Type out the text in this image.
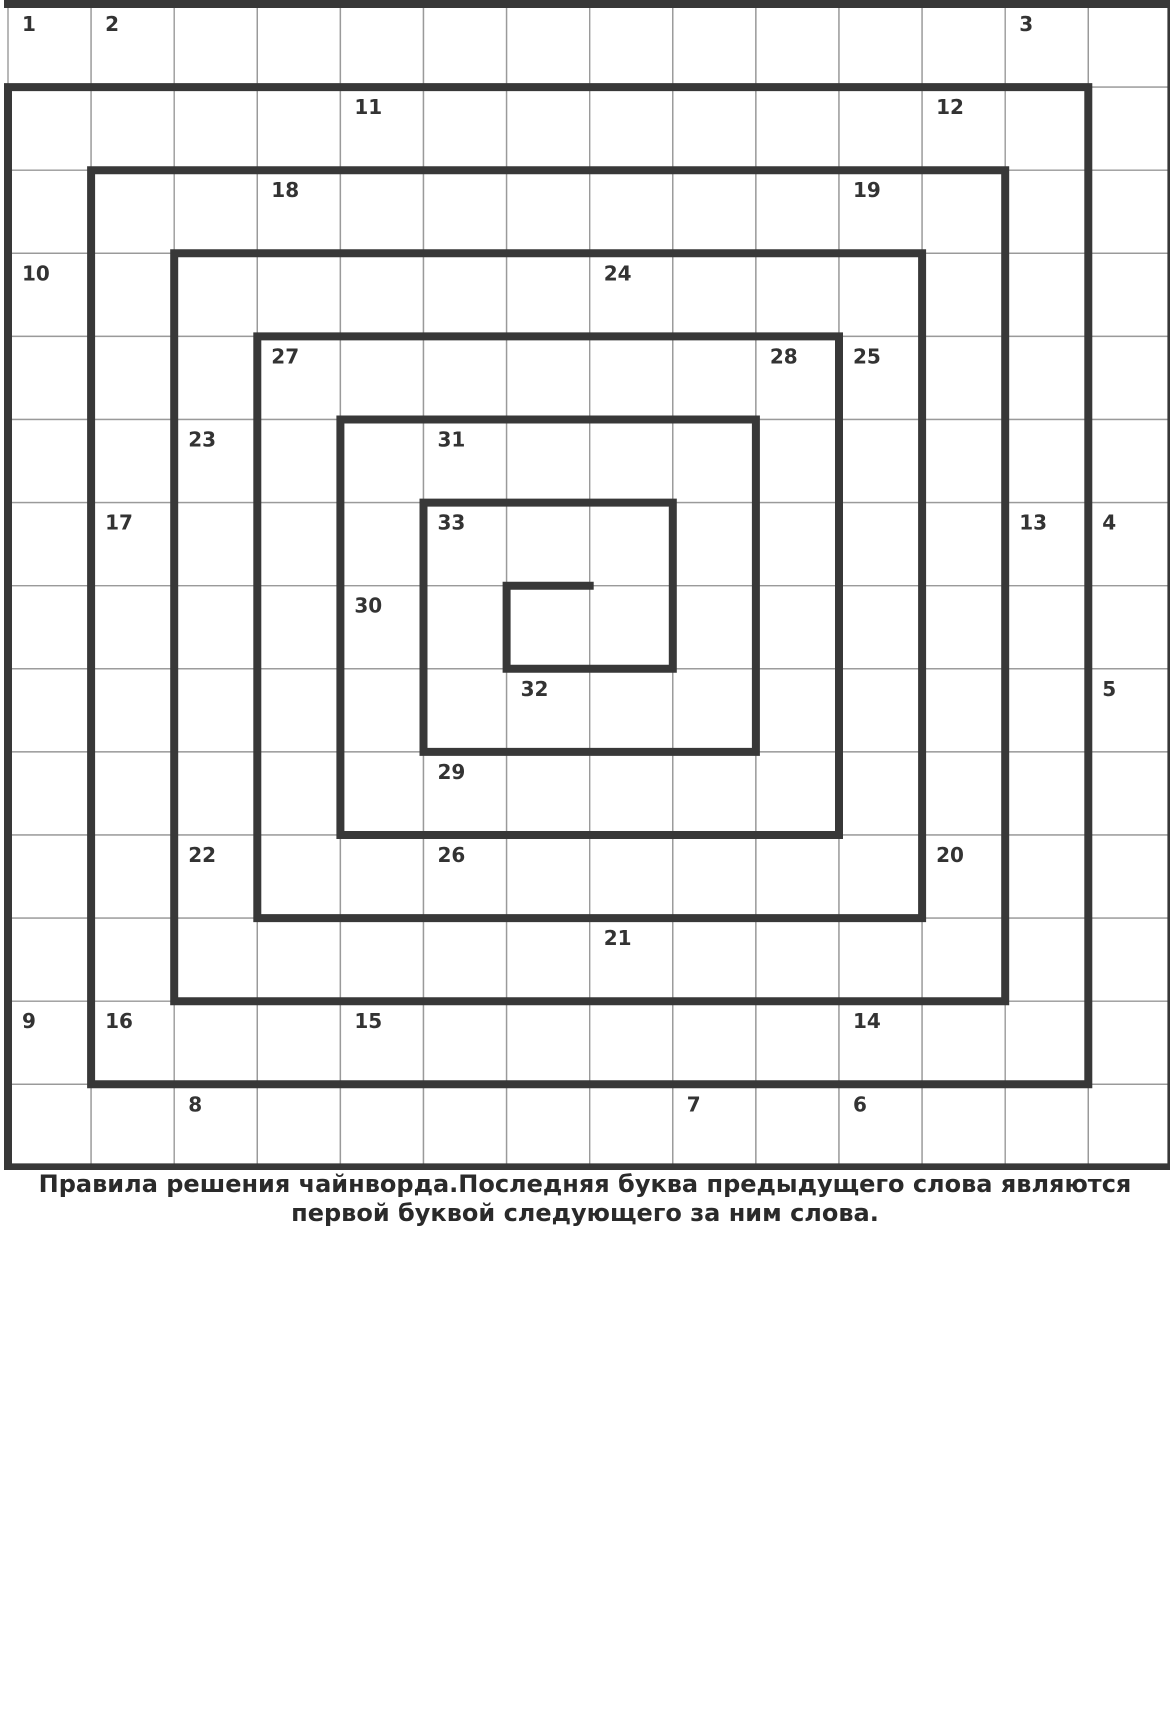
1	2	3
11	12
18	19
10	24
27	28	25
23	31
17	33	13	4
30
32	5
29
22	26	20
21
9	16	15	14
8	7	6

Правила решения чайнворда.Последняя буква предыдущего слова являются первой буквой следующего за ним слова.
